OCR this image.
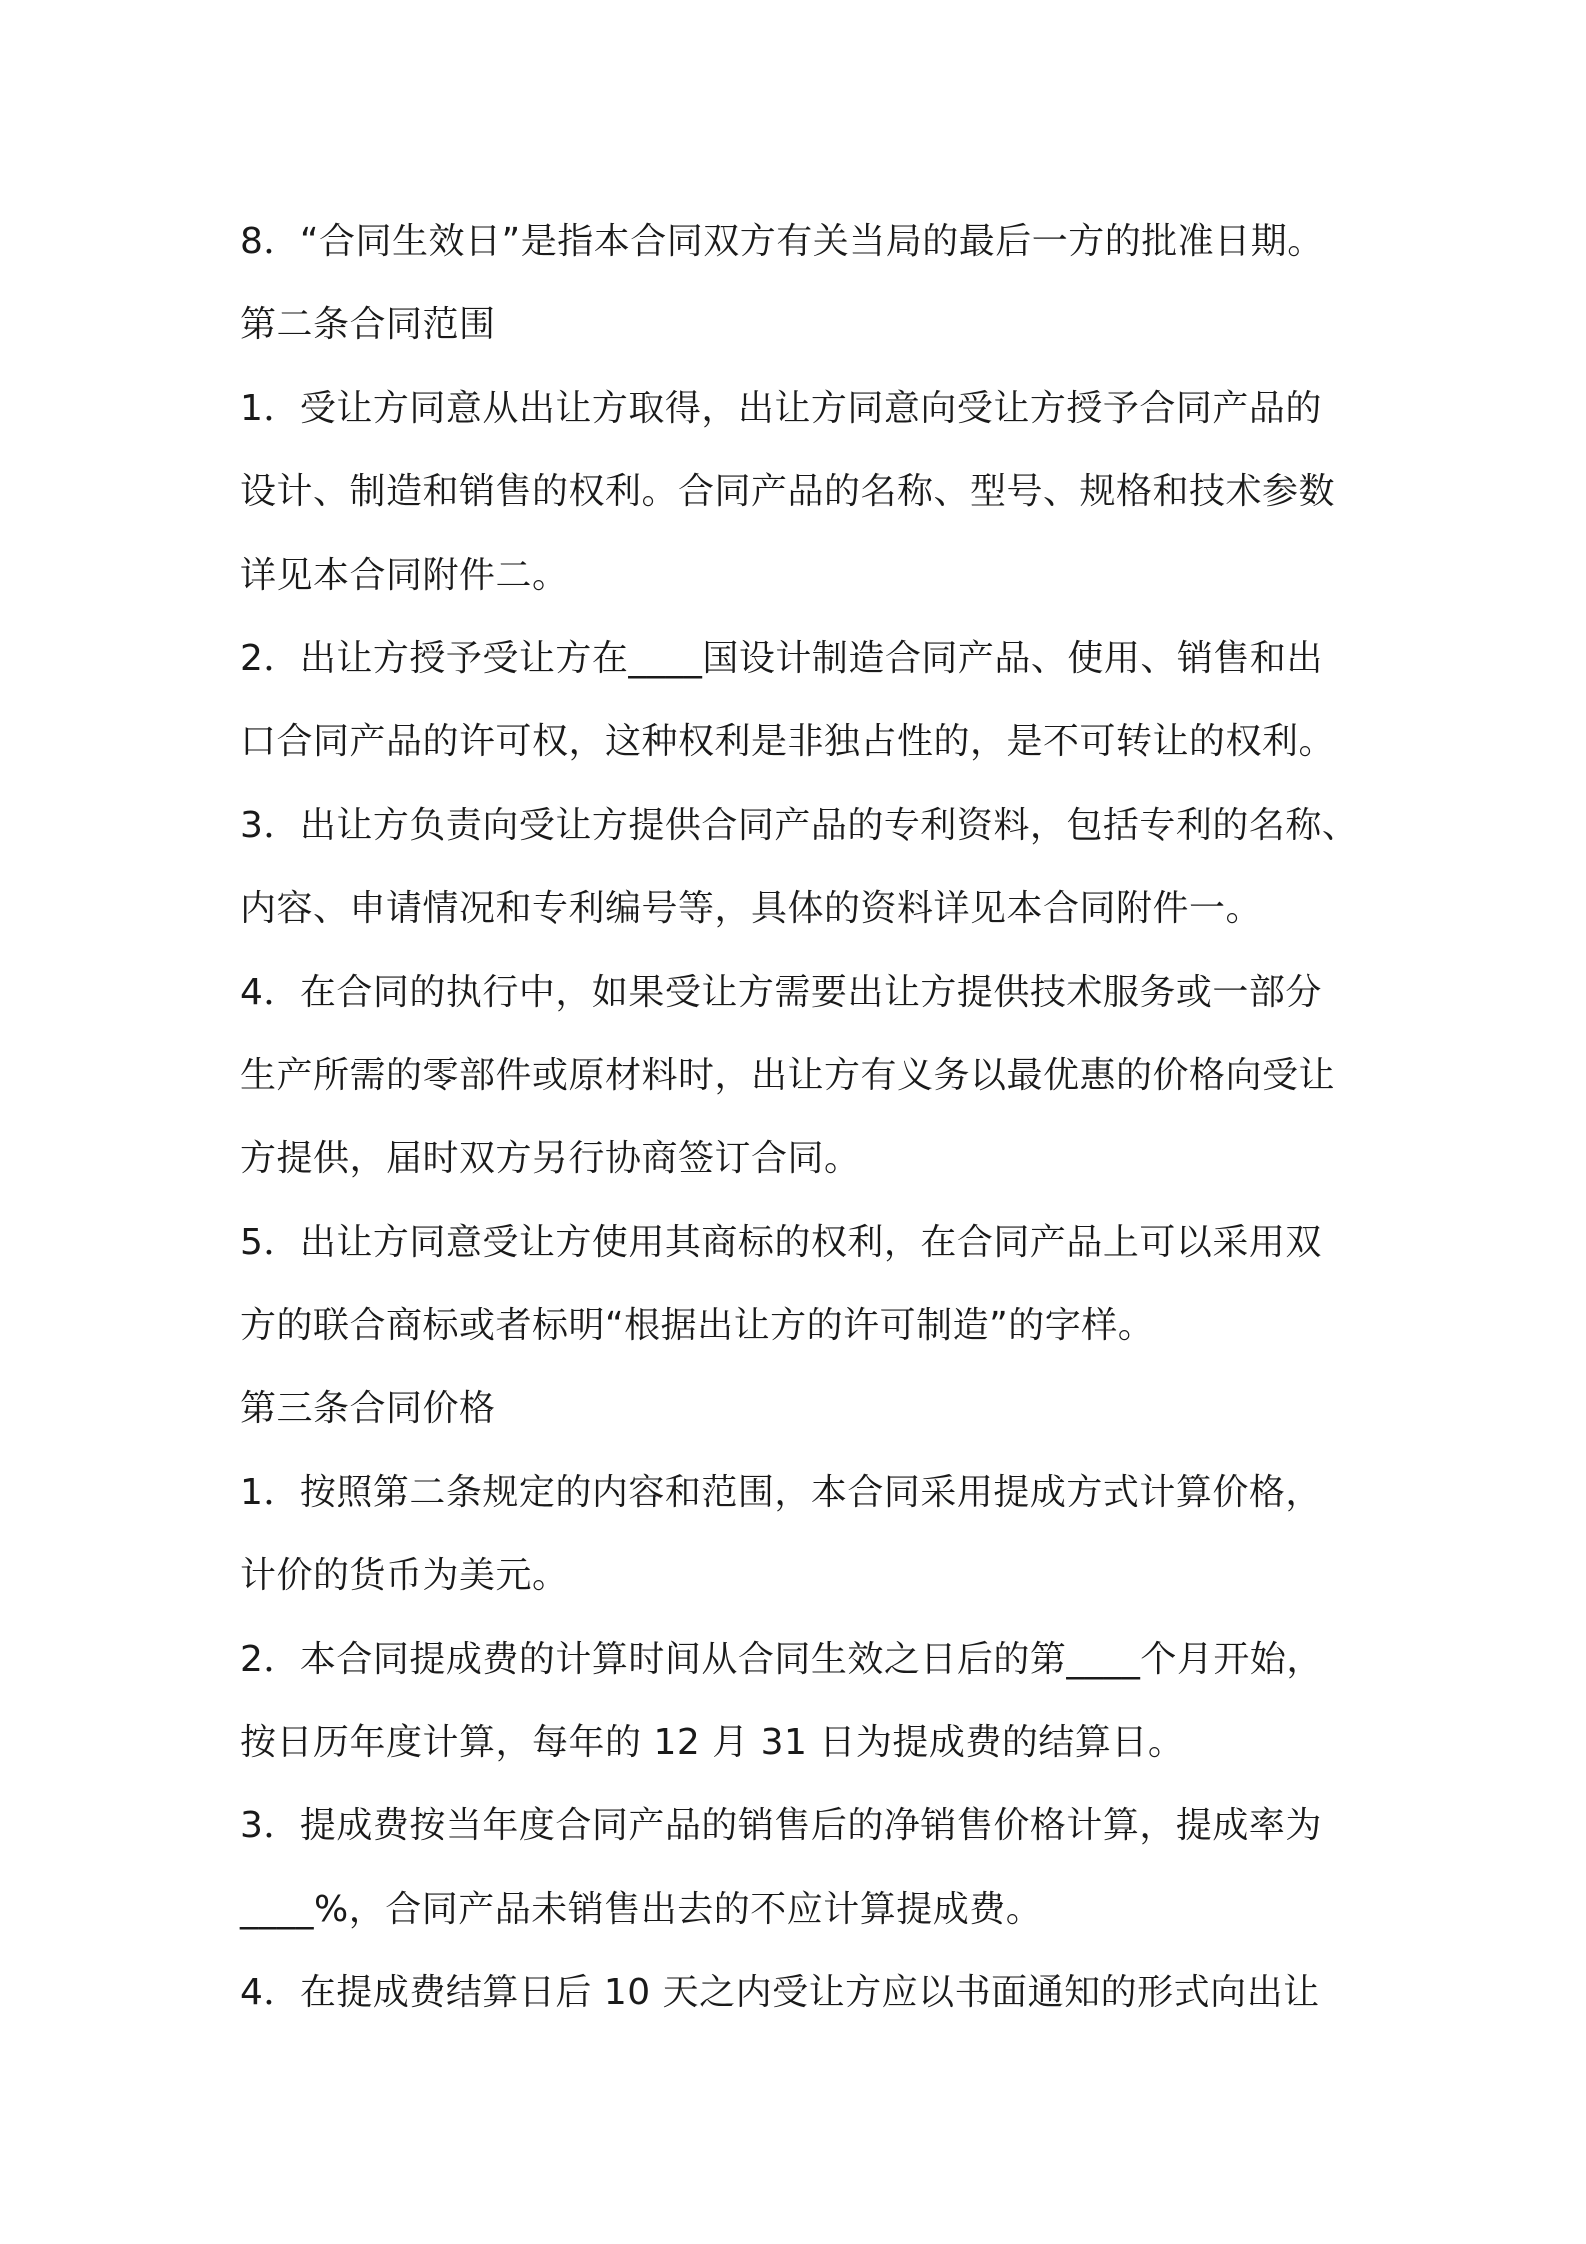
8．“合同生效日”是指本合同双方有关当局的最后一方的批准日期。
第二条合同范围
1．受让方同意从出让方取得，出让方同意向受让方授予合同产品的
设计、制造和销售的权利。合同产品的名称、型号、规格和技术参数
详见本合同附件二。
2．出让方授予受让方在____国设计制造合同产品、使用、销售和出
口合同产品的许可权，这种权利是非独占性的，是不可转让的权利。
3．出让方负责向受让方提供合同产品的专利资料，包括专利的名称、
内容、申请情况和专利编号等，具体的资料详见本合同附件一。
4．在合同的执行中，如果受让方需要出让方提供技术服务或一部分
生产所需的零部件或原材料时，出让方有义务以最优惠的价格向受让
方提供，届时双方另行协商签订合同。
5．出让方同意受让方使用其商标的权利，在合同产品上可以采用双
方的联合商标或者标明“根据出让方的许可制造”的字样。
第三条合同价格
1．按照第二条规定的内容和范围，本合同采用提成方式计算价格，
计价的货币为美元。
2．本合同提成费的计算时间从合同生效之日后的第____个月开始，
按日历年度计算，每年的 12 月 31 日为提成费的结算日。
3．提成费按当年度合同产品的销售后的净销售价格计算，提成率为
____%，合同产品未销售出去的不应计算提成费。
4．在提成费结算日后 10 天之内受让方应以书面通知的形式向出让
